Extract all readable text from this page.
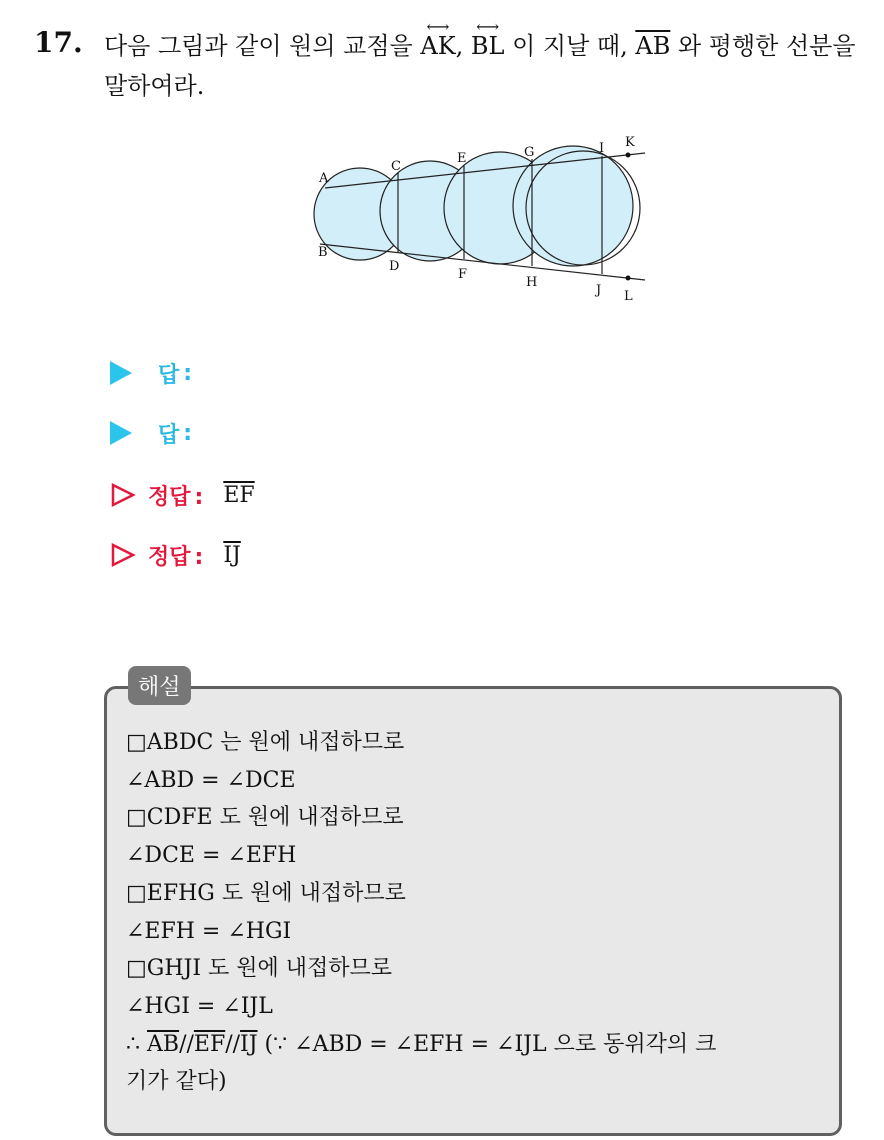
17. 다음 그림과 같이 원의 교점을
⟷
AK,
⟷
BL 이 지날 때, $\overline{AB}$ 와 평행한 선분을 말하여라.
A
B
C
D
E
F
G
H
I
J
K
L
답 :
답 :
정답 : $\overline{EF}$
정답 : $\overline{IJ}$
해설
□ABDC 는 원에 내접하므로
∠ABD = ∠DCE
□CDFE 도 원에 내접하므로
∠DCE = ∠EFH
□EFHG 도 원에 내접하므로
∠EFH = ∠HGI
□GHJI 도 원에 내접하므로
∠HGI = ∠IJL
∴ $\overline{AB}//\overline{EF}//\overline{IJ}$ (∵ ∠ABD = ∠EFH = ∠IJL 으로 동위각의 크
기가 같다)
